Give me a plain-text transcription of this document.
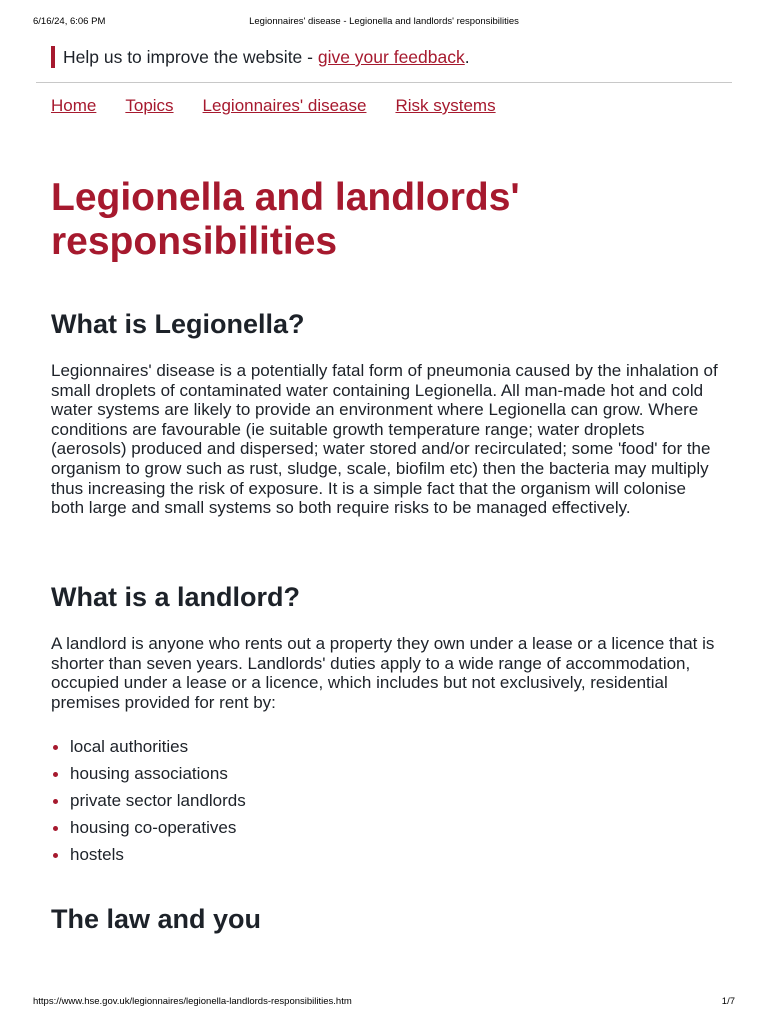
6/16/24, 6:06 PM	Legionnaires' disease - Legionella and landlords' responsibilities
Help us to improve the website - give your feedback.
Home Topics Legionnaires' disease Risk systems
Legionella and landlords' responsibilities
What is Legionella?

Legionnaires' disease is a potentially fatal form of pneumonia caused by the inhalation of small droplets of contaminated water containing Legionella. All man-made hot and cold water systems are likely to provide an environment where Legionella can grow. Where conditions are favourable (ie suitable growth temperature range; water droplets (aerosols) produced and dispersed; water stored and/or recirculated; some 'food' for the organism to grow such as rust, sludge, scale, biofilm etc) then the bacteria may multiply thus increasing the risk of exposure. It is a simple fact that the organism will colonise both large and small systems so both require risks to be managed effectively.

What is a landlord?

A landlord is anyone who rents out a property they own under a lease or a licence that is shorter than seven years. Landlords' duties apply to a wide range of accommodation, occupied under a lease or a licence, which includes but not exclusively, residential premises provided for rent by:

local authorities
housing associations
private sector landlords
housing co-operatives
hostels
The law and you
https://www.hse.gov.uk/legionnaires/legionella-landlords-responsibilities.htm	1/7
